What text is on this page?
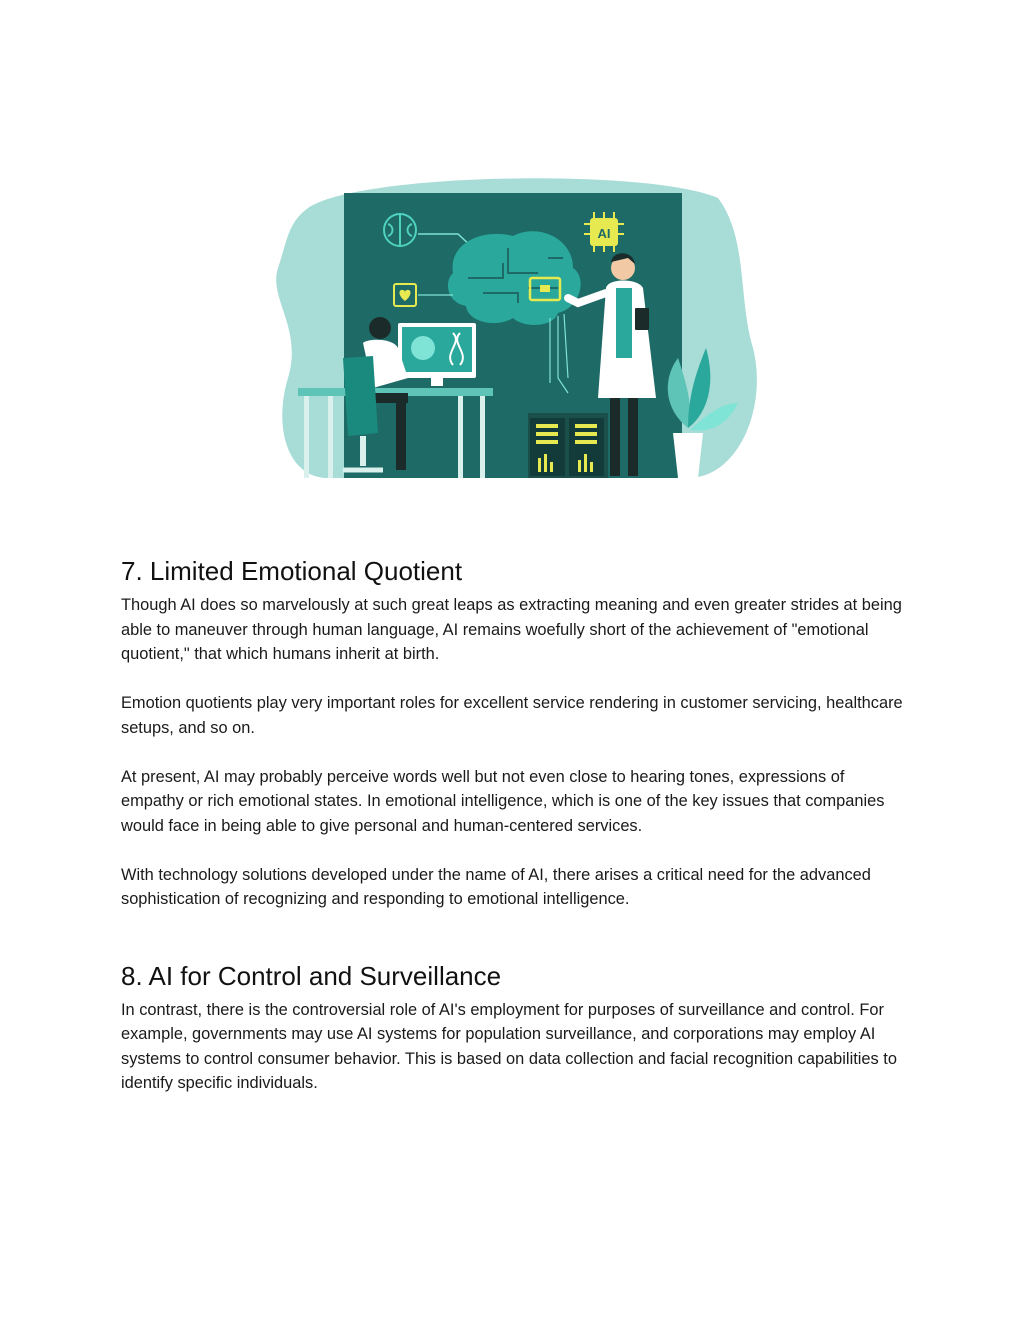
AI
7. Limited Emotional Quotient

Though AI does so marvelously at such great leaps as extracting meaning and even greater strides at being able to maneuver through human language, AI remains woefully short of the achievement of "emotional quotient," that which humans inherit at birth.

Emotion quotients play very important roles for excellent service rendering in customer servicing, healthcare setups, and so on.

At present, AI may probably perceive words well but not even close to hearing tones, expressions of empathy or rich emotional states. In emotional intelligence, which is one of the key issues that companies would face in being able to give personal and human-centered services.

With technology solutions developed under the name of AI, there arises a critical need for the advanced sophistication of recognizing and responding to emotional intelligence.

8. AI for Control and Surveillance

In contrast, there is the controversial role of AI's employment for purposes of surveillance and control. For example, governments may use AI systems for population surveillance, and corporations may employ AI systems to control consumer behavior. This is based on data collection and facial recognition capabilities to identify specific individuals.
